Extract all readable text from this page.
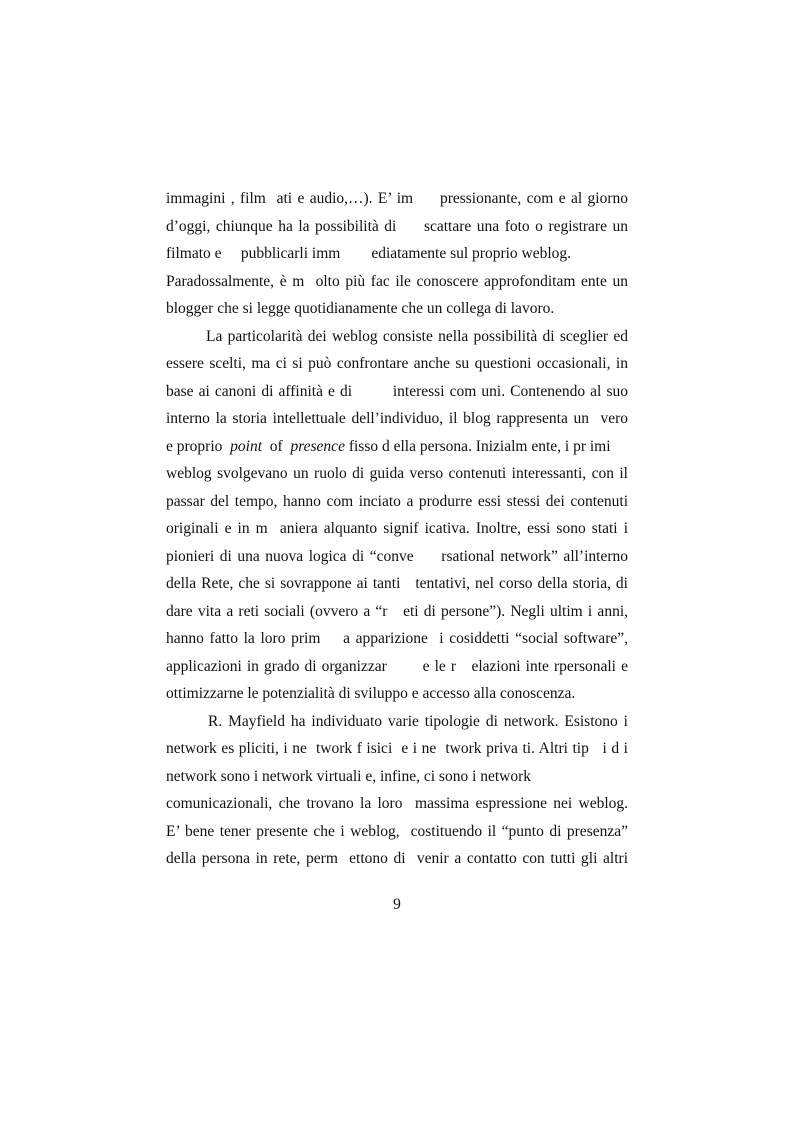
immagini , film  ati e audio,…). E’ im     pressionante, com e al giorno
d’oggi, chiunque ha la possibilità di     scattare una foto o registrare un
filmato e     pubblicarli imm        ediatamente sul proprio weblog.
Paradossalmente, è m  olto più fac ile conoscere approfonditam ente un
blogger che si legge quotidianamente che un collega di lavoro.
La particolarità dei weblog consiste nella possibilità di sceglier ed
essere scelti, ma ci si può confrontare anche su questioni occasionali, in
base ai canoni di affinità e di        interessi com uni. Contenendo al suo
interno la storia intellettuale dell’individuo, il blog rappresenta un  vero
e proprio  point  of  presence fisso d ella persona. Inizialm ente, i pr imi
weblog svolgevano un ruolo di guida verso contenuti interessanti, con il
passar del tempo, hanno com inciato a produrre essi stessi dei contenuti
originali e in m  aniera alquanto signif icativa. Inoltre, essi sono stati i
pionieri di una nuova logica di “conve     rsational network” all’interno
della Rete, che si sovrappone ai tanti   tentativi, nel corso della storia, di
dare vita a reti sociali (ovvero a “r   eti di persone”). Negli ultim i anni,
hanno fatto la loro prim    a apparizione  i cosiddetti “social software”,
applicazioni in grado di organizzar       e le r   elazioni inte rpersonali e
ottimizzarne le potenzialità di sviluppo e accesso alla conoscenza.
R. Mayfield ha individuato varie tipologie di network. Esistono i
network es pliciti, i ne  twork f isici  e i ne  twork priva ti. Altri tip   i d i
network sono i network virtuali e, infine, ci sono i network
comunicazionali, che trovano la loro  massima espressione nei weblog.
E’ bene tener presente che i weblog,  costituendo il “punto di presenza”
della persona in rete, perm  ettono di  venir a contatto con tutti gli altri
9
